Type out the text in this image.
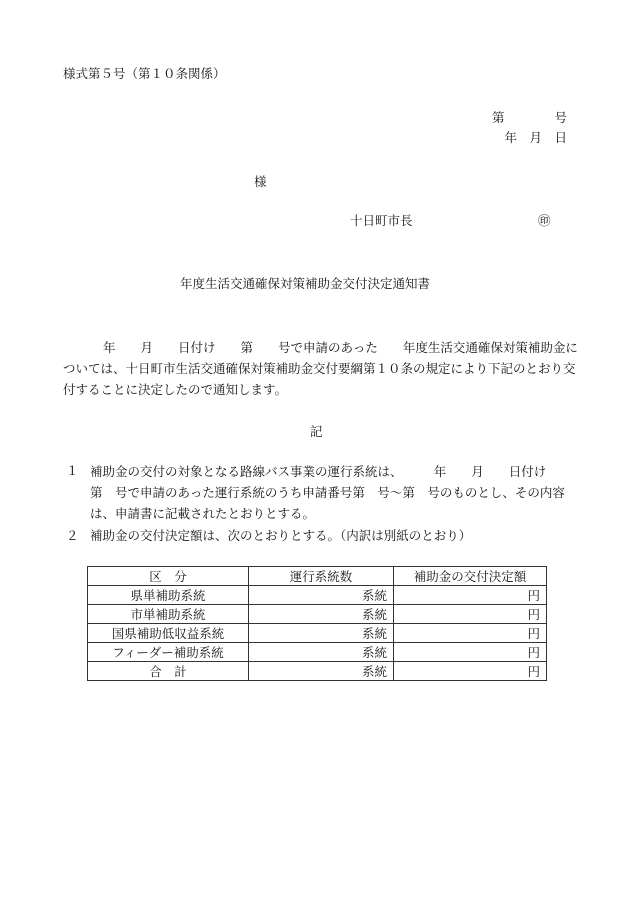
様式第５号（第１０条関係）
第　　　　号
年　月　日
様
十日町市長	㊞
年度生活交通確保対策補助金交付決定通知書
年　　月　　日付け　　第　　号で申請のあった　　年度生活交通確保対策補助金については、十日町市生活交通確保対策補助金交付要綱第１０条の規定により下記のとおり交付することに決定したので通知します。
記
１ 補助金の交付の対象となる路線バス事業の運行系統は、　　　年　　月　　日付け　　第　号で申請のあった運行系統のうち申請番号第　号～第　号のものとし、その内容は、申請書に記載されたとおりとする。
２ 補助金の交付決定額は、次のとおりとする。（内訳は別紙のとおり）
区　分	運行系統数	補助金の交付決定額
県単補助系統	系統	円
市単補助系統	系統	円
国県補助低収益系統	系統	円
フィーダー補助系統	系統	円
合　計	系統	円
